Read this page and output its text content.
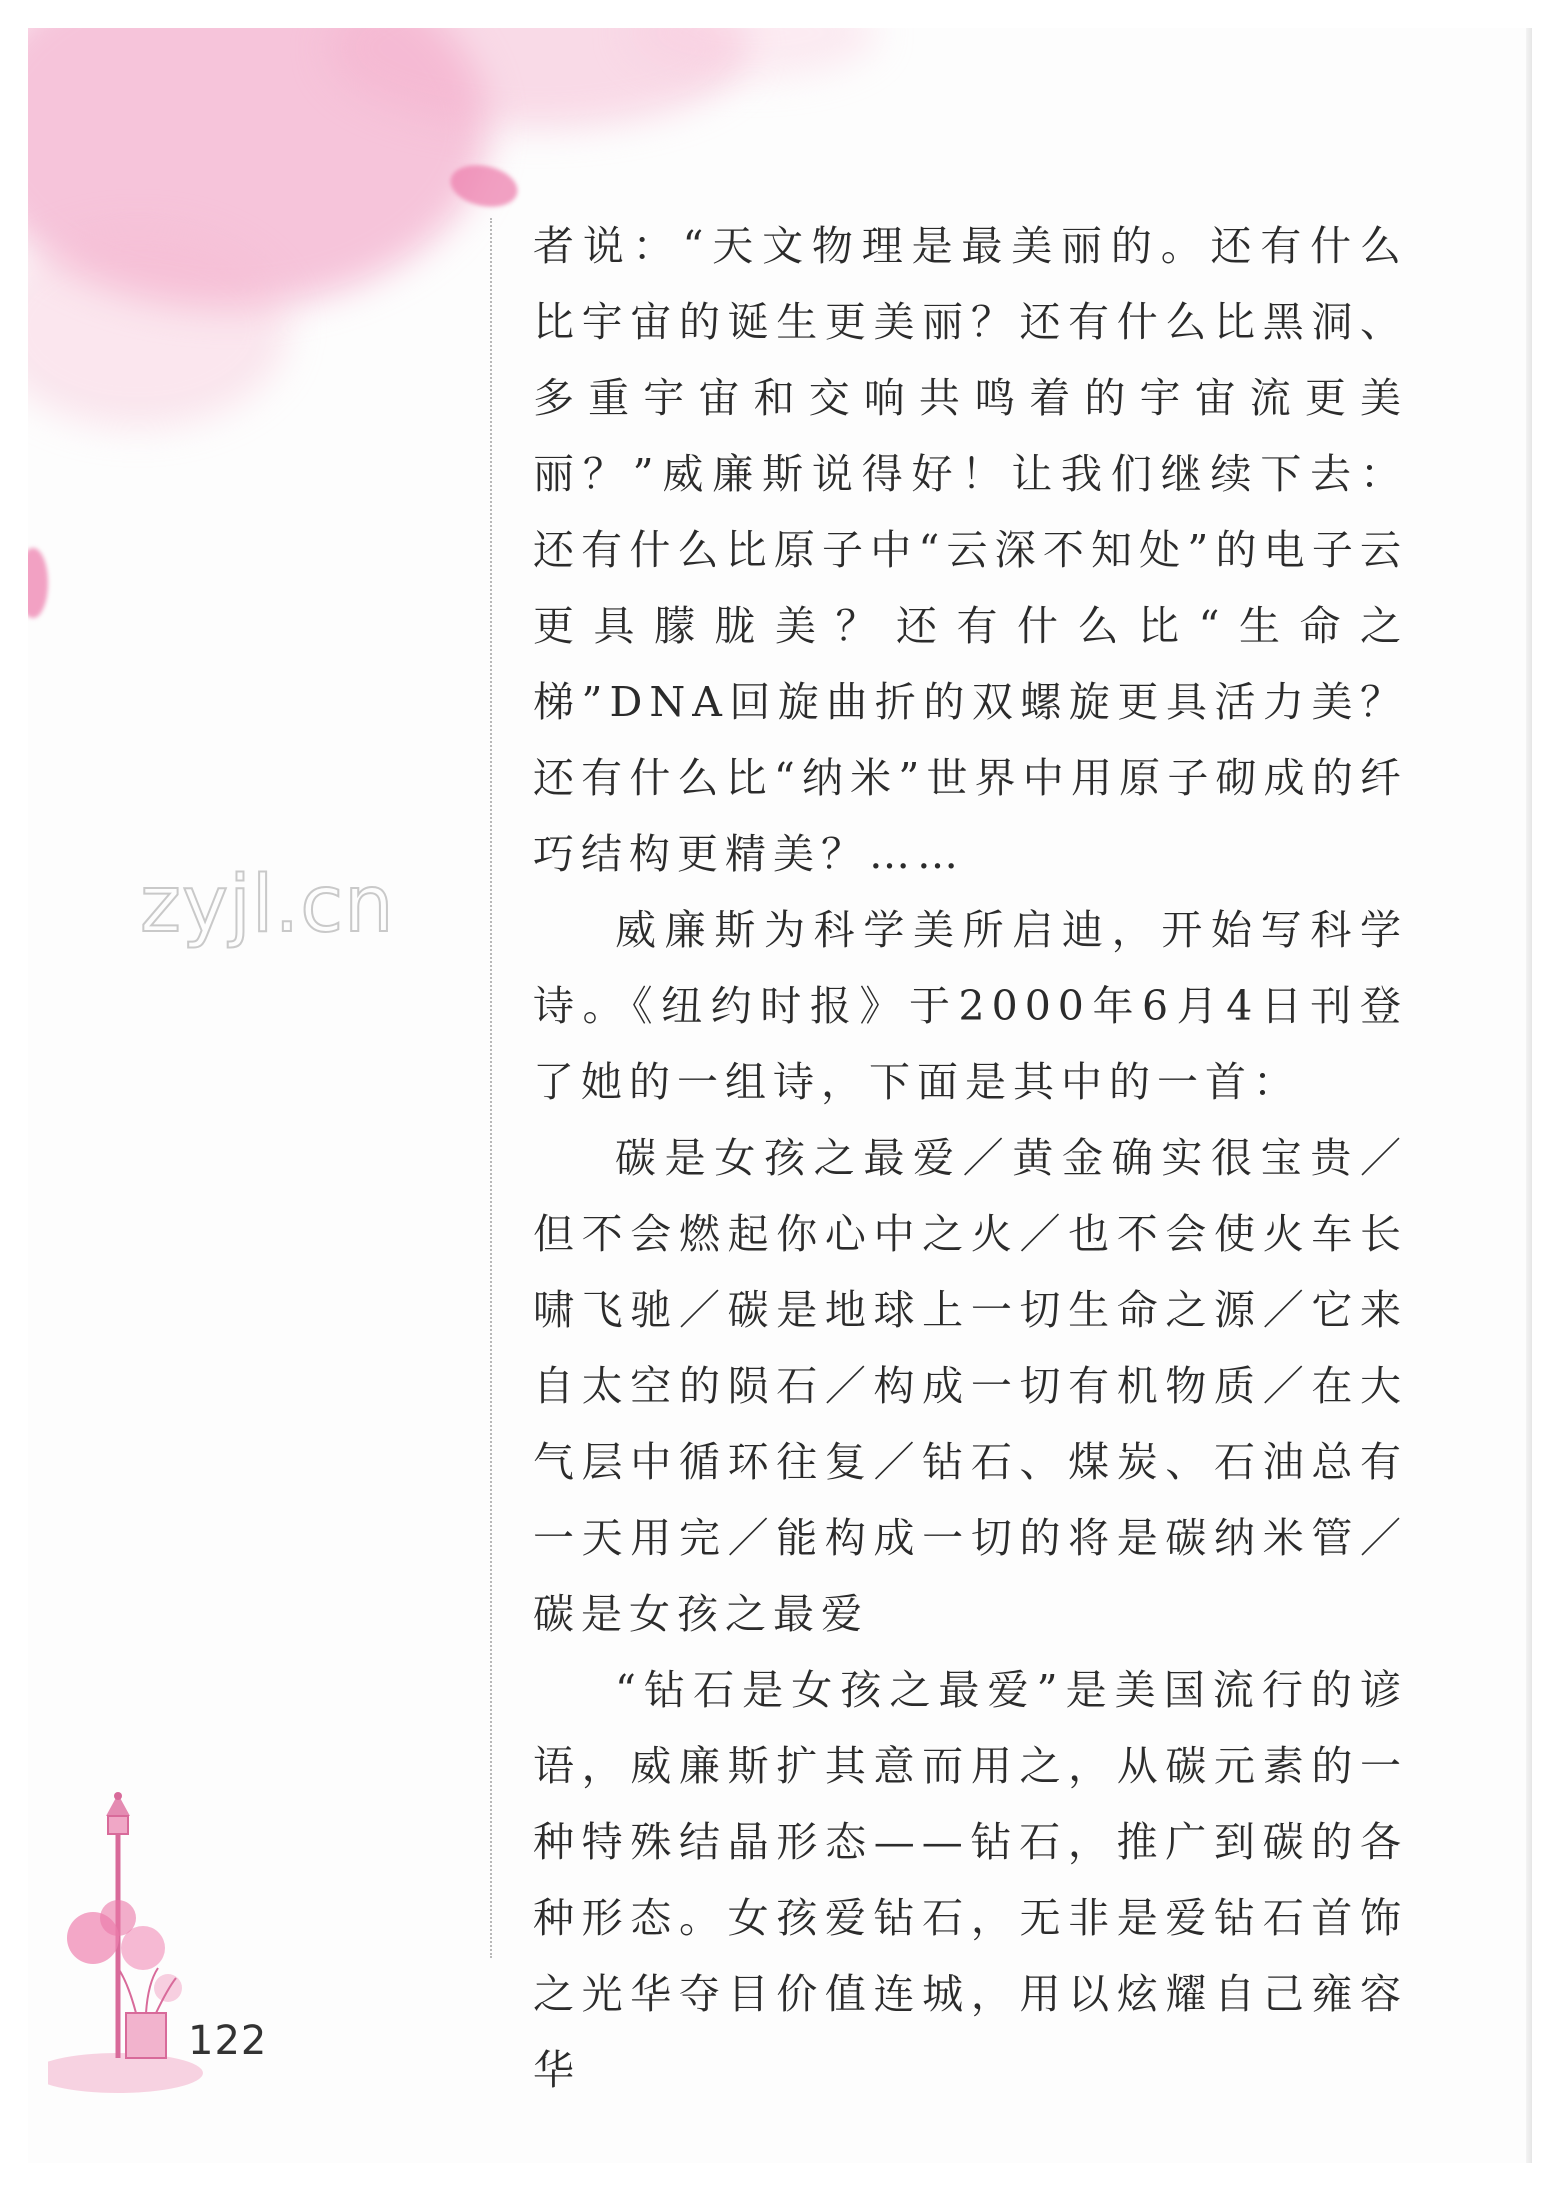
zyjl.cn

者说：“天文物理是最美丽的。还有什么比宇宙的诞生更美丽？还有什么比黑洞、多重宇宙和交响共鸣着的宇宙流更美丽？”威廉斯说得好！让我们继续下去：还有什么比原子中“云深不知处”的电子云更具朦胧美？还有什么比“生命之梯”DNA回旋曲折的双螺旋更具活力美？还有什么比“纳米”世界中用原子砌成的纤巧结构更精美？……

威廉斯为科学美所启迪，开始写科学诗。《纽约时报》于2000年6月4日刊登了她的一组诗，下面是其中的一首：

碳是女孩之最爱／黄金确实很宝贵／但不会燃起你心中之火／也不会使火车长啸飞驰／碳是地球上一切生命之源／它来自太空的陨石／构成一切有机物质／在大气层中循环往复／钻石、煤炭、石油总有一天用完／能构成一切的将是碳纳米管／碳是女孩之最爱

“钻石是女孩之最爱”是美国流行的谚语，威廉斯扩其意而用之，从碳元素的一种特殊结晶形态——钻石，推广到碳的各种形态。女孩爱钻石，无非是爱钻石首饰之光华夺目价值连城，用以炫耀自己雍容华

122
